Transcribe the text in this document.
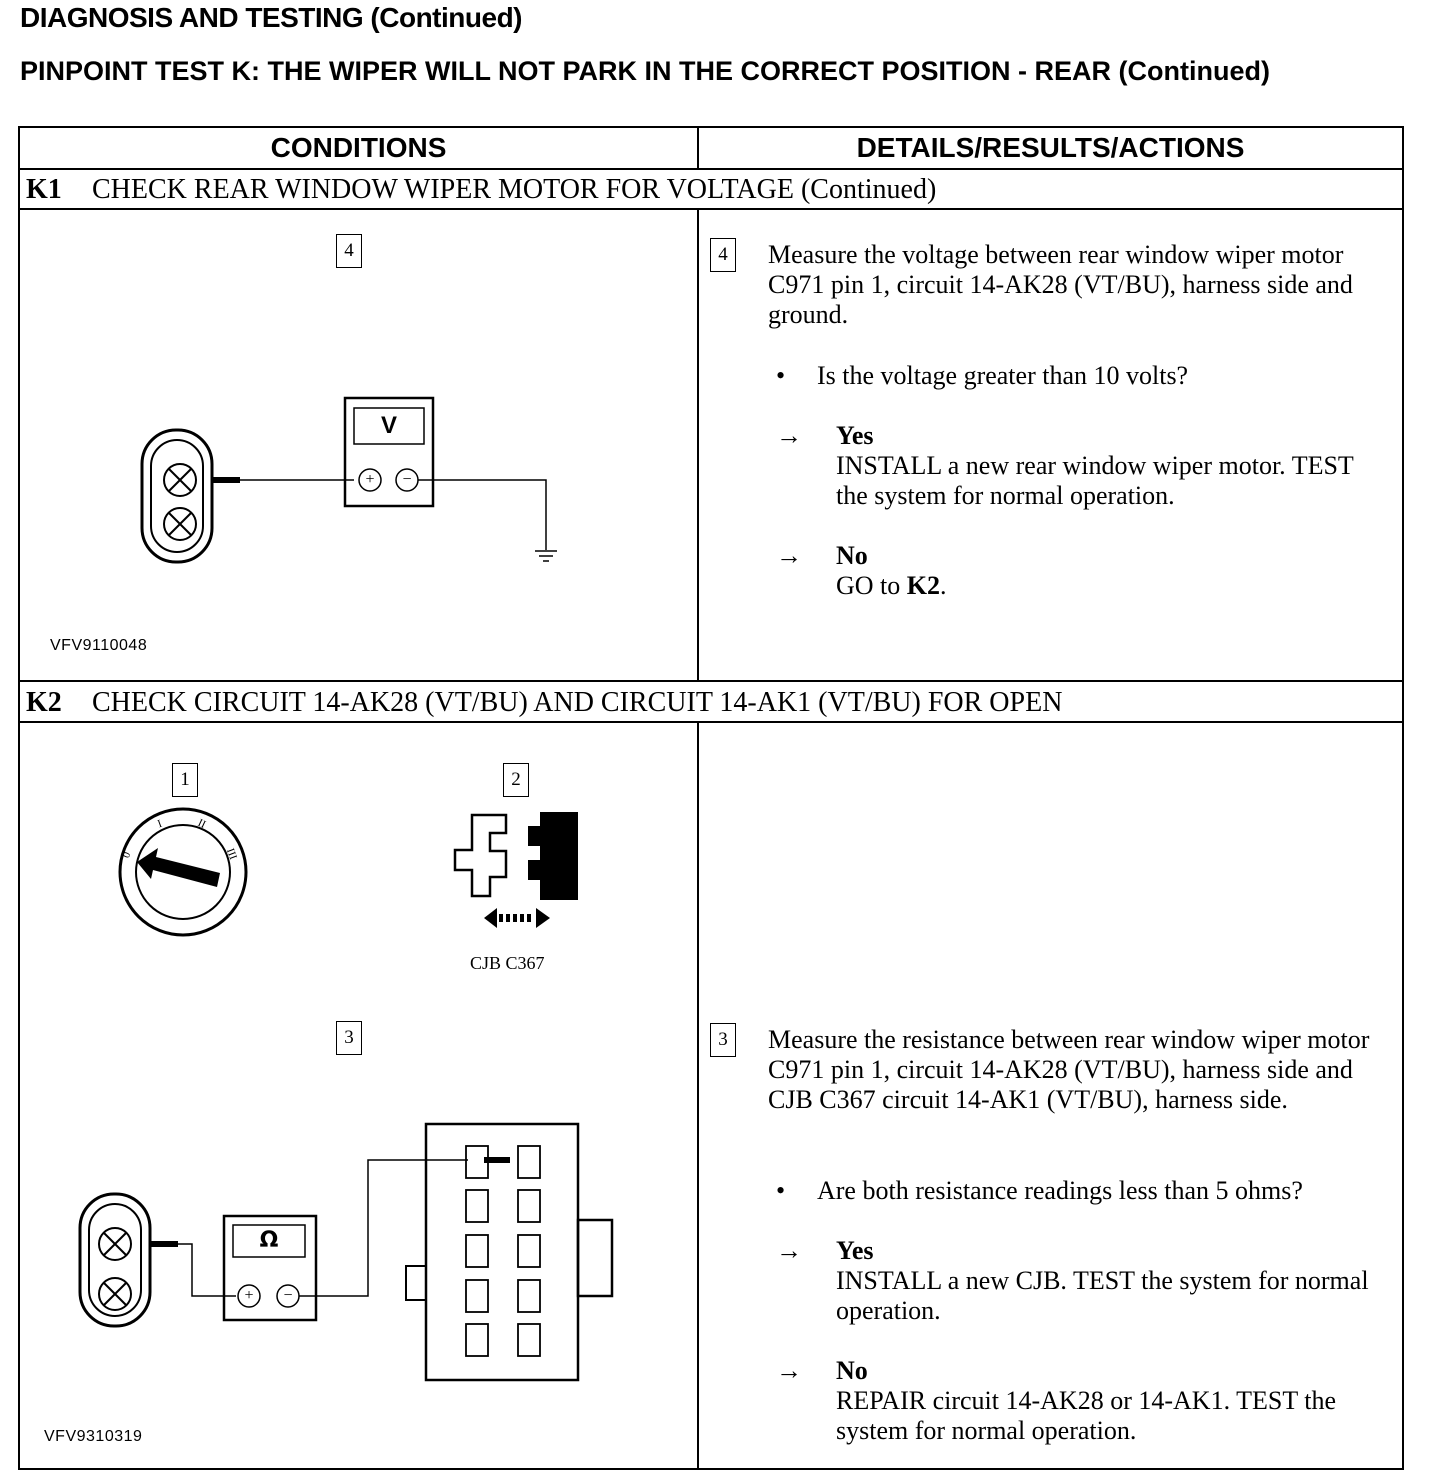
DIAGNOSIS AND TESTING (Continued)
PINPOINT TEST K: THE WIPER WILL NOT PARK IN THE CORRECT POSITION - REAR (Continued)
CONDITIONS	DETAILS/RESULTS/ACTIONS
K1 CHECK REAR WINDOW WIPER MOTOR FOR VOLTAGE (Continued)
4
V
+	−
VFV9110048
4	Measure the voltage between rear window wiper motor C971 pin 1, circuit 14-AK28 (VT/BU), harness side and ground.
• Is the voltage greater than 10 volts?
→ Yes
INSTALL a new rear window wiper motor. TEST the system for normal operation.
→ No
GO to K2.
K2 CHECK CIRCUIT 14-AK28 (VT/BU) AND CIRCUIT 14-AK1 (VT/BU) FOR OPEN
1	2
3
Ω
+	−
0
I	II
III
CJB C367
VFV9310319
3	Measure the resistance between rear window wiper motor C971 pin 1, circuit 14-AK28 (VT/BU), harness side and CJB C367 circuit 14-AK1 (VT/BU), harness side.
• Are both resistance readings less than 5 ohms?
→ Yes
INSTALL a new CJB. TEST the system for normal operation.
→ No
REPAIR circuit 14-AK28 or 14-AK1. TEST the system for normal operation.
